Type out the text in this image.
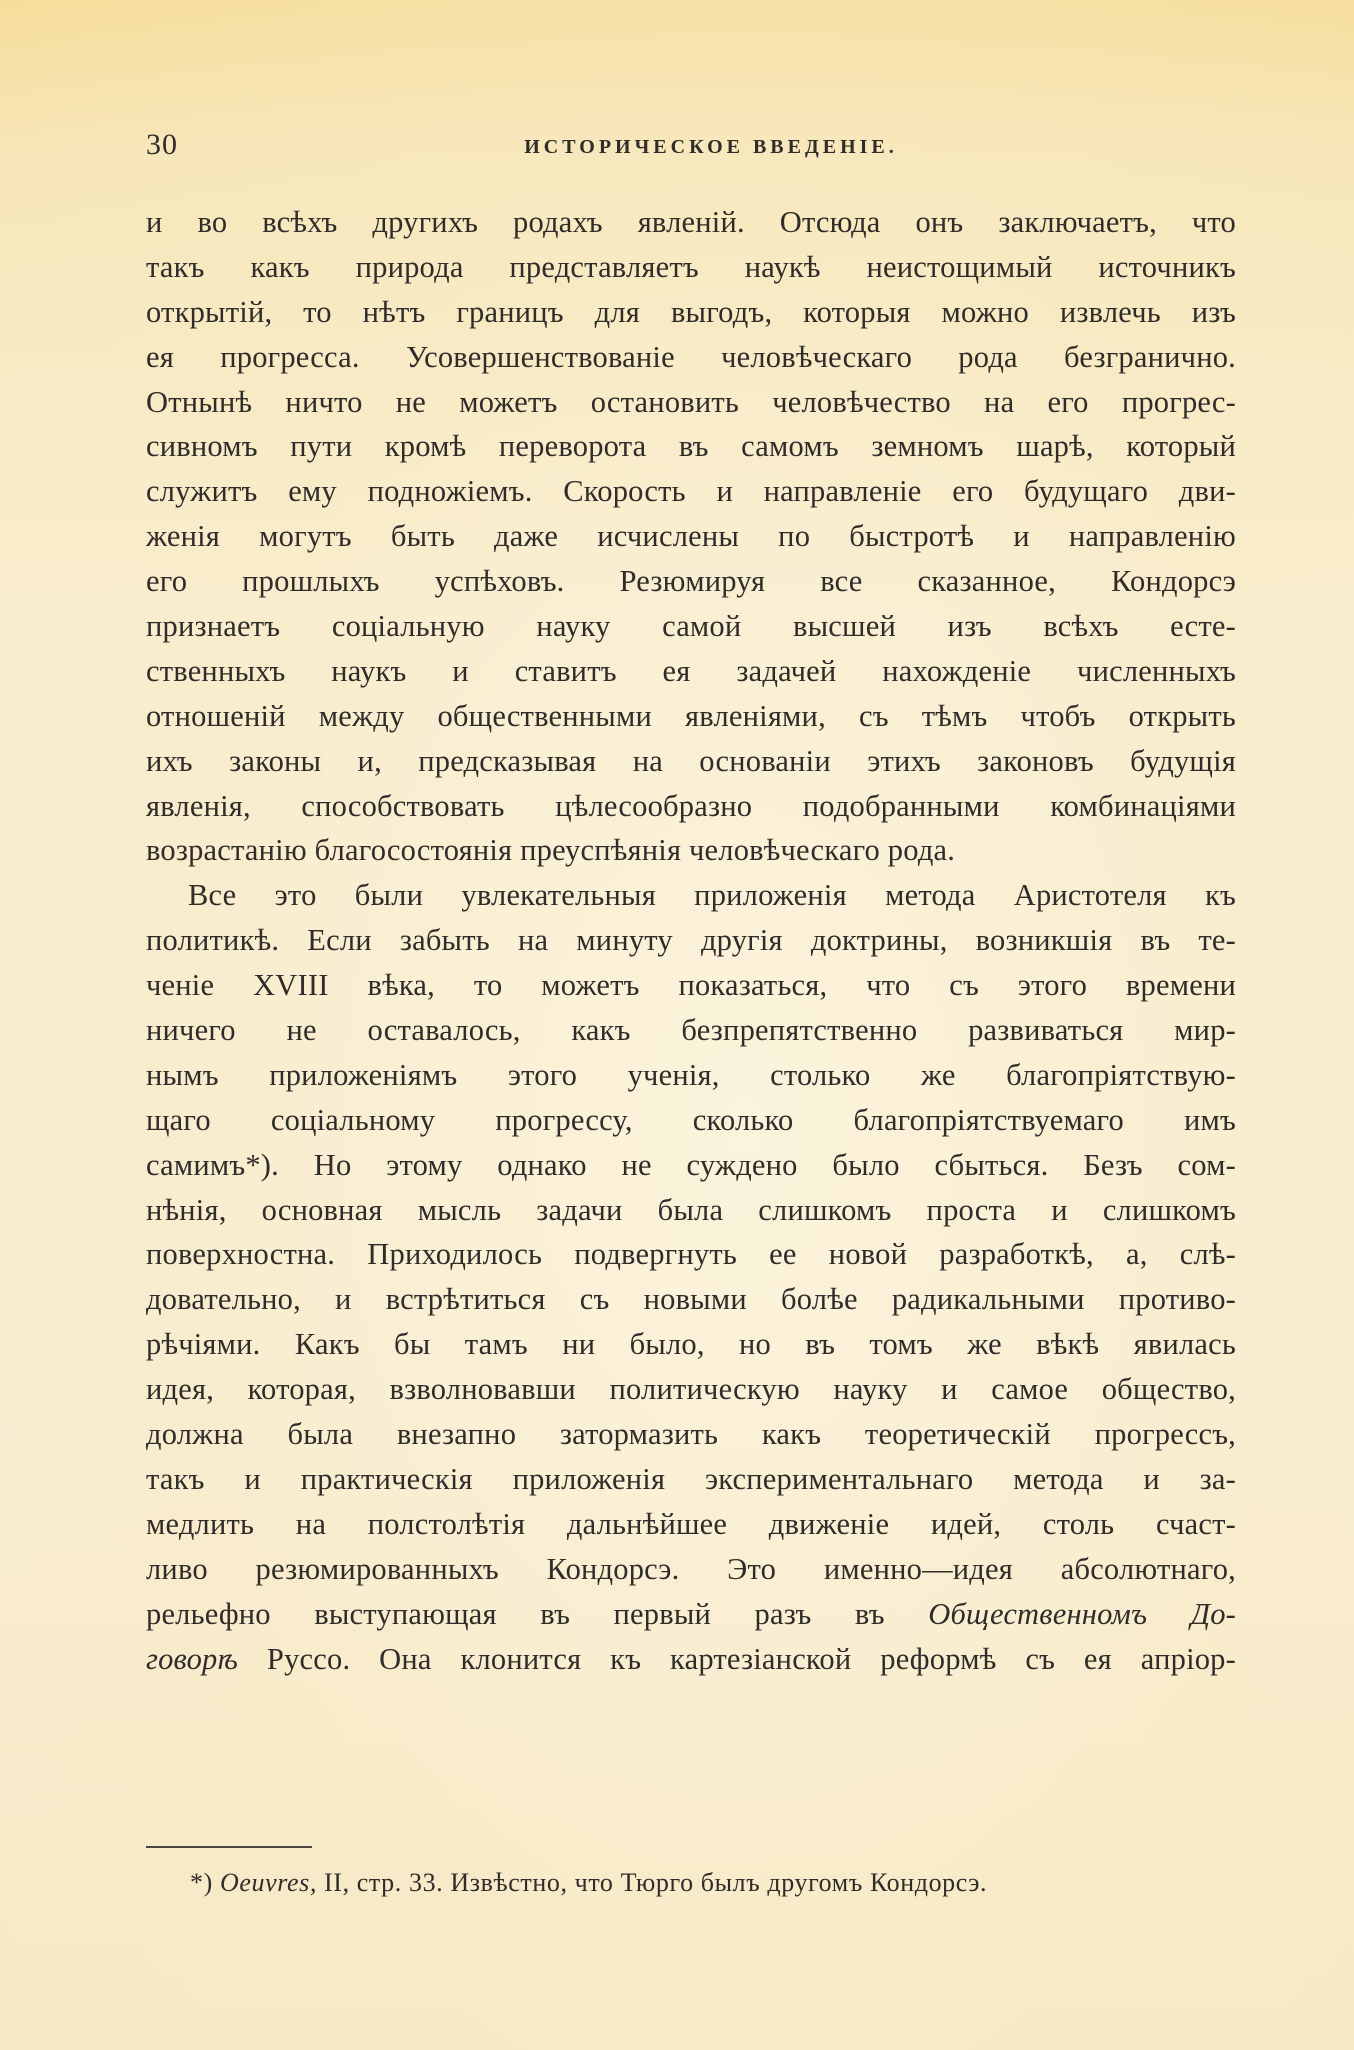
30	ИСТОРИЧЕСКОЕ ВВЕДЕНІЕ.
и во всѣхъ другихъ родахъ явленій. Отсюда онъ заключаетъ, что
такъ какъ природа представляетъ наукѣ неистощимый источникъ
открытій, то нѣтъ границъ для выгодъ, которыя можно извлечь изъ
ея прогресса. Усовершенствованіе человѣческаго рода безгранично.
Отнынѣ ничто не можетъ остановить человѣчество на его прогрес-
сивномъ пути кромѣ переворота въ самомъ земномъ шарѣ, который
служитъ ему подножіемъ. Скорость и направленіе его будущаго дви-
женія могутъ быть даже исчислены по быстротѣ и направленію
его прошлыхъ успѣховъ. Резюмируя все сказанное, Кондорсэ
признаетъ соціальную науку самой высшей изъ всѣхъ есте-
ственныхъ наукъ и ставитъ ея задачей нахожденіе численныхъ
отношеній между общественными явленіями, съ тѣмъ чтобъ открыть
ихъ законы и, предсказывая на основаніи этихъ законовъ будущія
явленія, способствовать цѣлесообразно подобранными комбинаціями
возрастанію благосостоянія преуспѣянія человѣческаго рода.
Все это были увлекательныя приложенія метода Аристотеля къ
политикѣ. Если забыть на минуту другія доктрины, возникшія въ те-
ченіе XVIII вѣка, то можетъ показаться, что съ этого времени
ничего не оставалось, какъ безпрепятственно развиваться мир-
нымъ приложеніямъ этого ученія, столько же благопріятствую-
щаго соціальному прогрессу, сколько благопріятствуемаго имъ
самимъ*). Но этому однако не суждено было сбыться. Безъ сом-
нѣнія, основная мысль задачи была слишкомъ проста и слишкомъ
поверхностна. Приходилось подвергнуть ее новой разработкѣ, а, слѣ-
довательно, и встрѣтиться съ новыми болѣе радикальными противо-
рѣчіями. Какъ бы тамъ ни было, но въ томъ же вѣкѣ явилась
идея, которая, взволновавши политическую науку и самое общество,
должна была внезапно затормазить какъ теоретическій прогрессъ,
такъ и практическія приложенія экспериментальнаго метода и за-
медлить на полстолѣтія дальнѣйшее движеніе идей, столь счаст-
ливо резюмированныхъ Кондорсэ. Это именно—идея абсолютнаго,
рельефно выступающая въ первый разъ въ Общественномъ До-
говорѣ Руссо. Она клонится къ картезіанской реформѣ съ ея апріор-
*) Oeuvres, II, стр. 33. Извѣстно, что Тюрго былъ другомъ Кондорсэ.
